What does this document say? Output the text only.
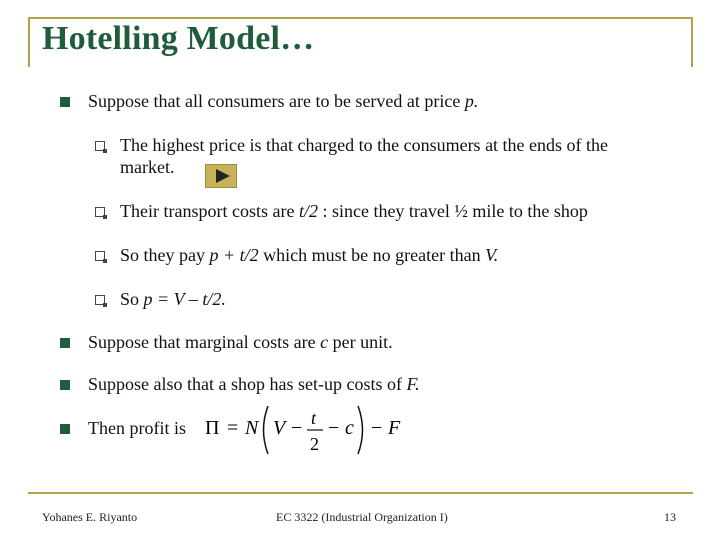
Hotelling Model…
Suppose that all consumers are to be served at price p.
The highest price is that charged to the consumers at the ends of the
market.
Their transport costs are t/2 : since they travel ½ mile to the shop
So they pay p + t/2 which must be no greater than V.
So p = V – t/2.
Suppose that marginal costs are c per unit.
Suppose also that a shop has set-up costs of F.
Then profit is Π = N V − t
2
− c − F
Yohanes E. Riyanto	EC 3322 (Industrial Organization I)	13
